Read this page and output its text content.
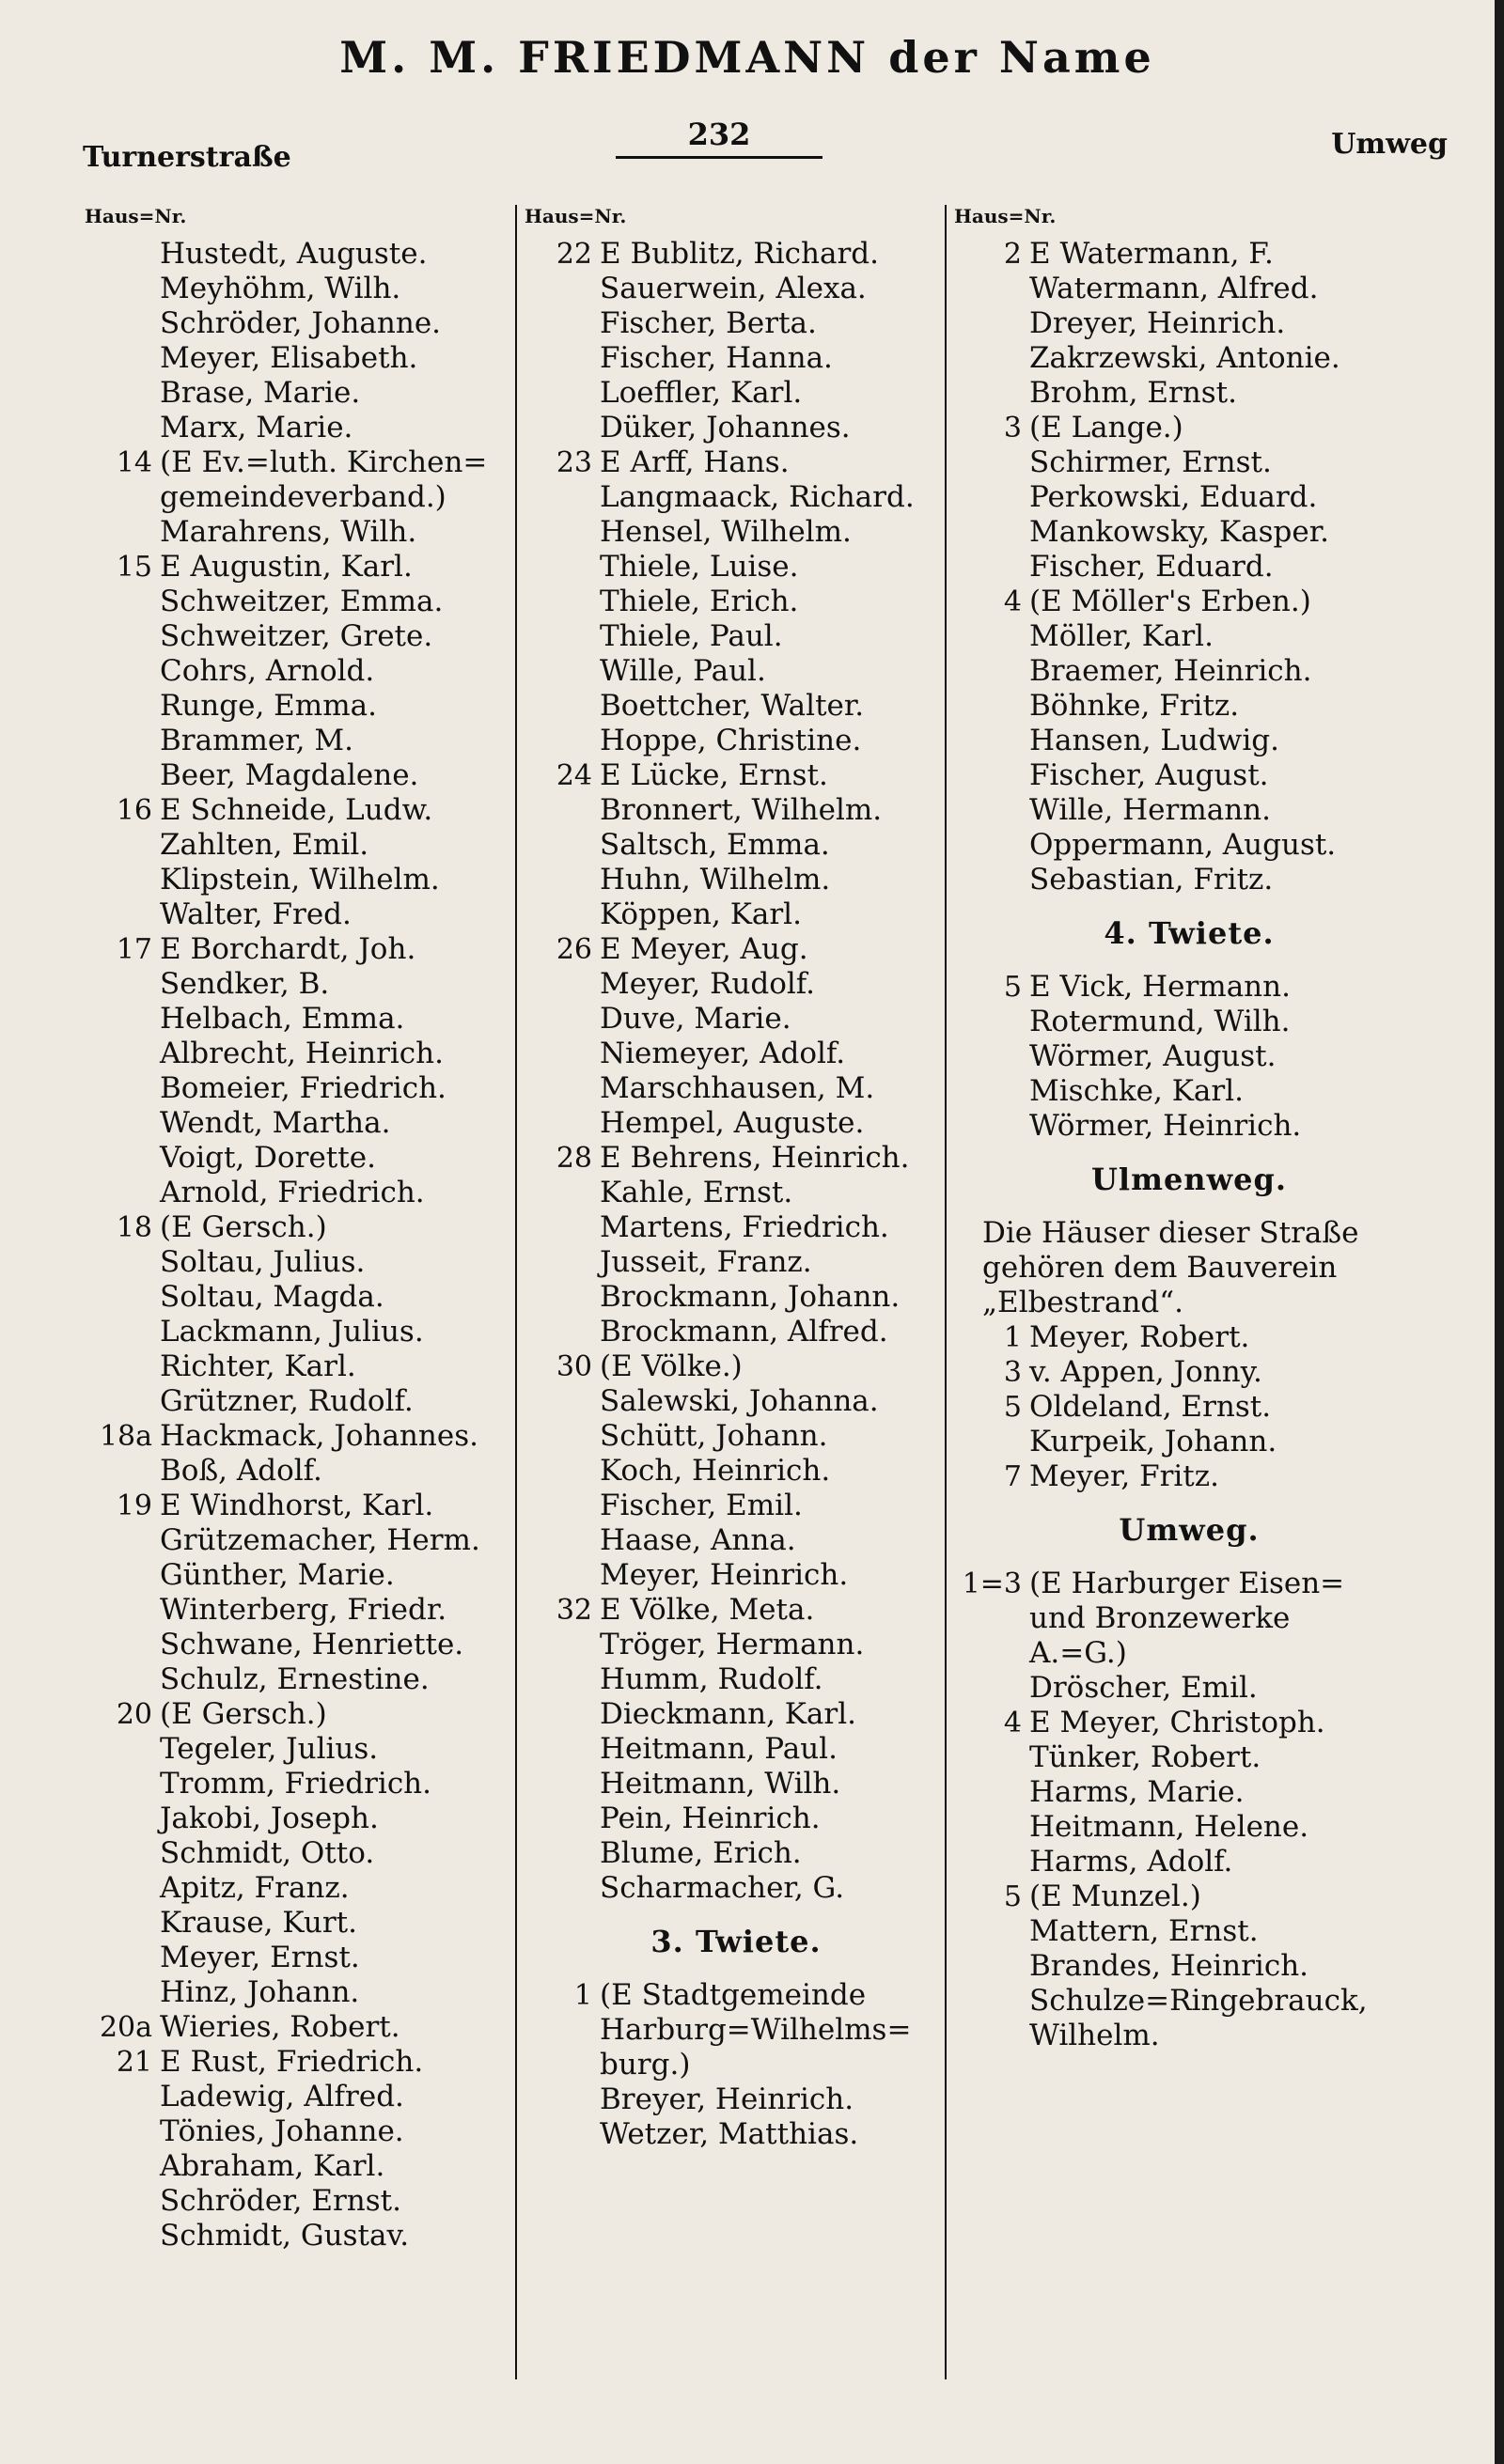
M. M. FRIEDMANN der Name
232
Turnerstraße	Umweg
Haus=Nr.
Hustedt, Auguste.
Meyhöhm, Wilh.
Schröder, Johanne.
Meyer, Elisabeth.
Brase, Marie.
Marx, Marie.
14 (E Ev.=luth. Kirchen=
gemeindeverband.)
Marahrens, Wilh.
15 E Augustin, Karl.
Schweitzer, Emma.
Schweitzer, Grete.
Cohrs, Arnold.
Runge, Emma.
Brammer, M.
Beer, Magdalene.
16 E Schneide, Ludw.
Zahlten, Emil.
Klipstein, Wilhelm.
Walter, Fred.
17 E Borchardt, Joh.
Sendker, B.
Helbach, Emma.
Albrecht, Heinrich.
Bomeier, Friedrich.
Wendt, Martha.
Voigt, Dorette.
Arnold, Friedrich.
18 (E Gersch.)
Soltau, Julius.
Soltau, Magda.
Lackmann, Julius.
Richter, Karl.
Grützner, Rudolf.
18a Hackmack, Johannes.
Boß, Adolf.
19 E Windhorst, Karl.
Grützemacher, Herm.
Günther, Marie.
Winterberg, Friedr.
Schwane, Henriette.
Schulz, Ernestine.
20 (E Gersch.)
Tegeler, Julius.
Tromm, Friedrich.
Jakobi, Joseph.
Schmidt, Otto.
Apitz, Franz.
Krause, Kurt.
Meyer, Ernst.
Hinz, Johann.
20a Wieries, Robert.
21 E Rust, Friedrich.
Ladewig, Alfred.
Tönies, Johanne.
Abraham, Karl.
Schröder, Ernst.
Schmidt, Gustav.
Haus=Nr.
22 E Bublitz, Richard.
Sauerwein, Alexa.
Fischer, Berta.
Fischer, Hanna.
Loeffler, Karl.
Düker, Johannes.
23 E Arff, Hans.
Langmaack, Richard.
Hensel, Wilhelm.
Thiele, Luise.
Thiele, Erich.
Thiele, Paul.
Wille, Paul.
Boettcher, Walter.
Hoppe, Christine.
24 E Lücke, Ernst.
Bronnert, Wilhelm.
Saltsch, Emma.
Huhn, Wilhelm.
Köppen, Karl.
26 E Meyer, Aug.
Meyer, Rudolf.
Duve, Marie.
Niemeyer, Adolf.
Marschhausen, M.
Hempel, Auguste.
28 E Behrens, Heinrich.
Kahle, Ernst.
Martens, Friedrich.
Jusseit, Franz.
Brockmann, Johann.
Brockmann, Alfred.
30 (E Völke.)
Salewski, Johanna.
Schütt, Johann.
Koch, Heinrich.
Fischer, Emil.
Haase, Anna.
Meyer, Heinrich.
32 E Völke, Meta.
Tröger, Hermann.
Humm, Rudolf.
Dieckmann, Karl.
Heitmann, Paul.
Heitmann, Wilh.
Pein, Heinrich.
Blume, Erich.
Scharmacher, G.
3. Twiete.
1 (E Stadtgemeinde
Harburg=Wilhelms=
burg.)
Breyer, Heinrich.
Wetzer, Matthias.
Haus=Nr.
2 E Watermann, F.
Watermann, Alfred.
Dreyer, Heinrich.
Zakrzewski, Antonie.
Brohm, Ernst.
3 (E Lange.)
Schirmer, Ernst.
Perkowski, Eduard.
Mankowsky, Kasper.
Fischer, Eduard.
4 (E Möller's Erben.)
Möller, Karl.
Braemer, Heinrich.
Böhnke, Fritz.
Hansen, Ludwig.
Fischer, August.
Wille, Hermann.
Oppermann, August.
Sebastian, Fritz.
4. Twiete.
5 E Vick, Hermann.
Rotermund, Wilh.
Wörmer, August.
Mischke, Karl.
Wörmer, Heinrich.
Ulmenweg.
Die Häuser dieser Straße gehören dem Bauverein „Elbestrand“.
1 Meyer, Robert.
3 v. Appen, Jonny.
5 Oldeland, Ernst.
Kurpeik, Johann.
7 Meyer, Fritz.
Umweg.
1=3 (E Harburger Eisen=
und Bronzewerke
A.=G.)
Dröscher, Emil.
4 E Meyer, Christoph.
Tünker, Robert.
Harms, Marie.
Heitmann, Helene.
Harms, Adolf.
5 (E Munzel.)
Mattern, Ernst.
Brandes, Heinrich.
Schulze=Ringebrauck,
Wilhelm.
